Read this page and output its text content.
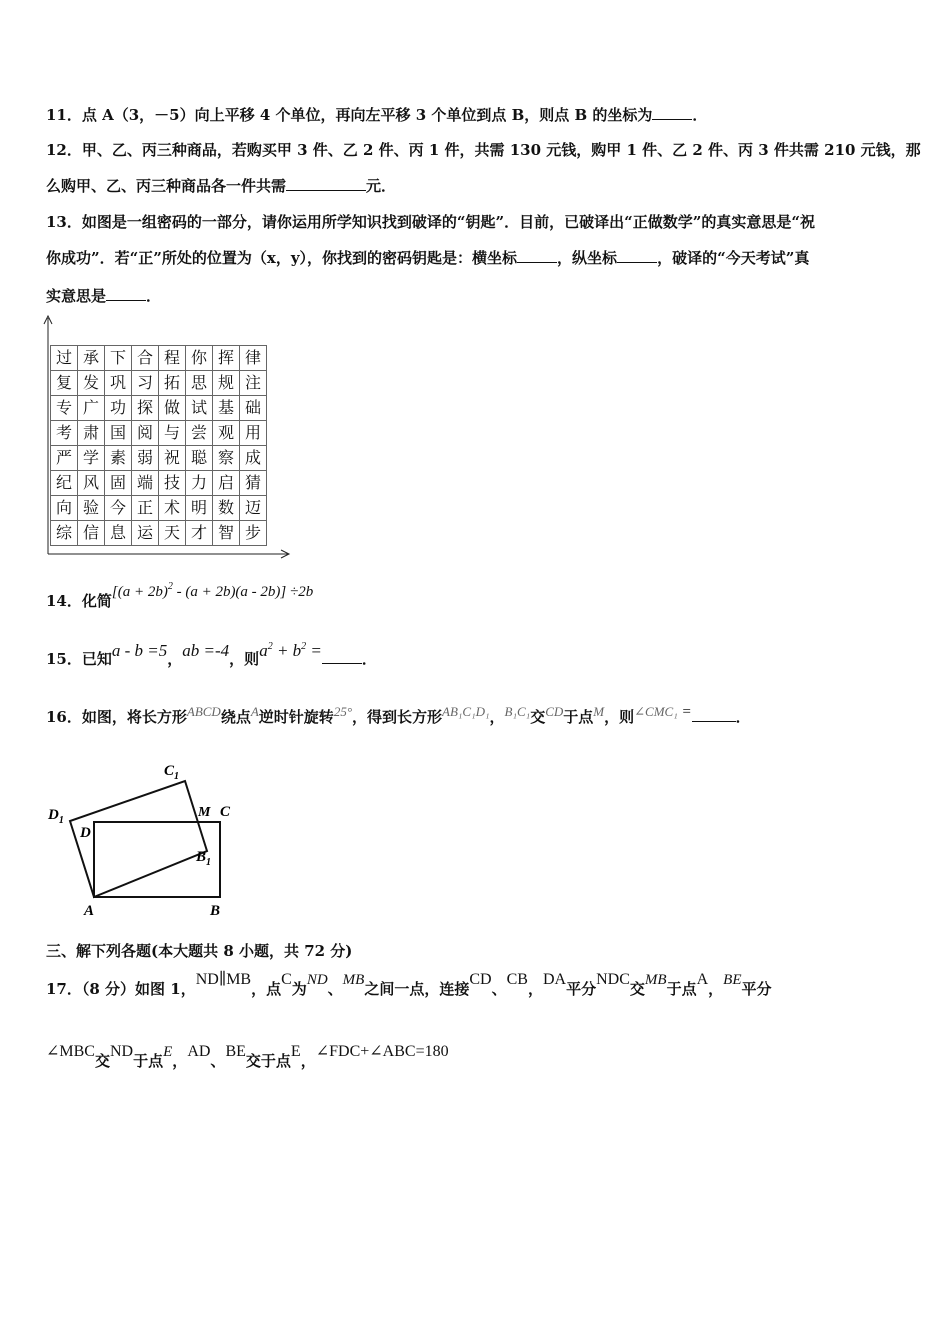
11．点 A（3，－5）向上平移 4 个单位，再向左平移 3 个单位到点 B，则点 B 的坐标为	．
12．甲、乙、丙三种商品，若购买甲 3 件、乙 2 件、丙 1 件，共需 130 元钱，购甲 1 件、乙 2 件、丙 3 件共需 210 元钱，那
么购甲、乙、丙三种商品各一件共需	元．
13．如图是一组密码的一部分，请你运用所学知识找到破译的“钥匙”．目前，已破译出“正做数学”的真实意思是“祝
你成功”．若“正”所处的位置为（x，y），你找到的密码钥匙是：横坐标	，纵坐标	，破译的“今天考试”真
实意思是	．
过	承	下	合	程	你	挥	律
复	发	巩	习	拓	思	规	注
专	广	功	探	做	试	基	础
考	肃	国	阅	与	尝	观	用
严	学	素	弱	祝	聪	察	成
纪	风	固	端	技	力	启	猜
向	验	今	正	术	明	数	迈
综	信	息	运	天	才	智	步
14．化简$[(a + 2b)^2 - (a + 2b)(a - 2b)] \div 2b$
15．已知a - b =5，ab =-4，则$a^2 + b^2$ =	．
16．如图，将长方形ABCD绕点A逆时针旋转25°，得到长方形AB₁C₁D₁，B₁C₁交CD于点M，则∠CMC₁ =	．
$C_1$
$D_1$
D
M C
$B_1$
A	B
三、解下列各题(本大题共 8 小题，共 72 分)
17．（8 分）如图 1，ND∥MB，点C为ND、MB之间一点，连接CD、CB，DA平分NDC交MB于点A，BE平分
∠MBC交ND于点E，AD、BE交于点E，∠FDC+∠ABC=180
